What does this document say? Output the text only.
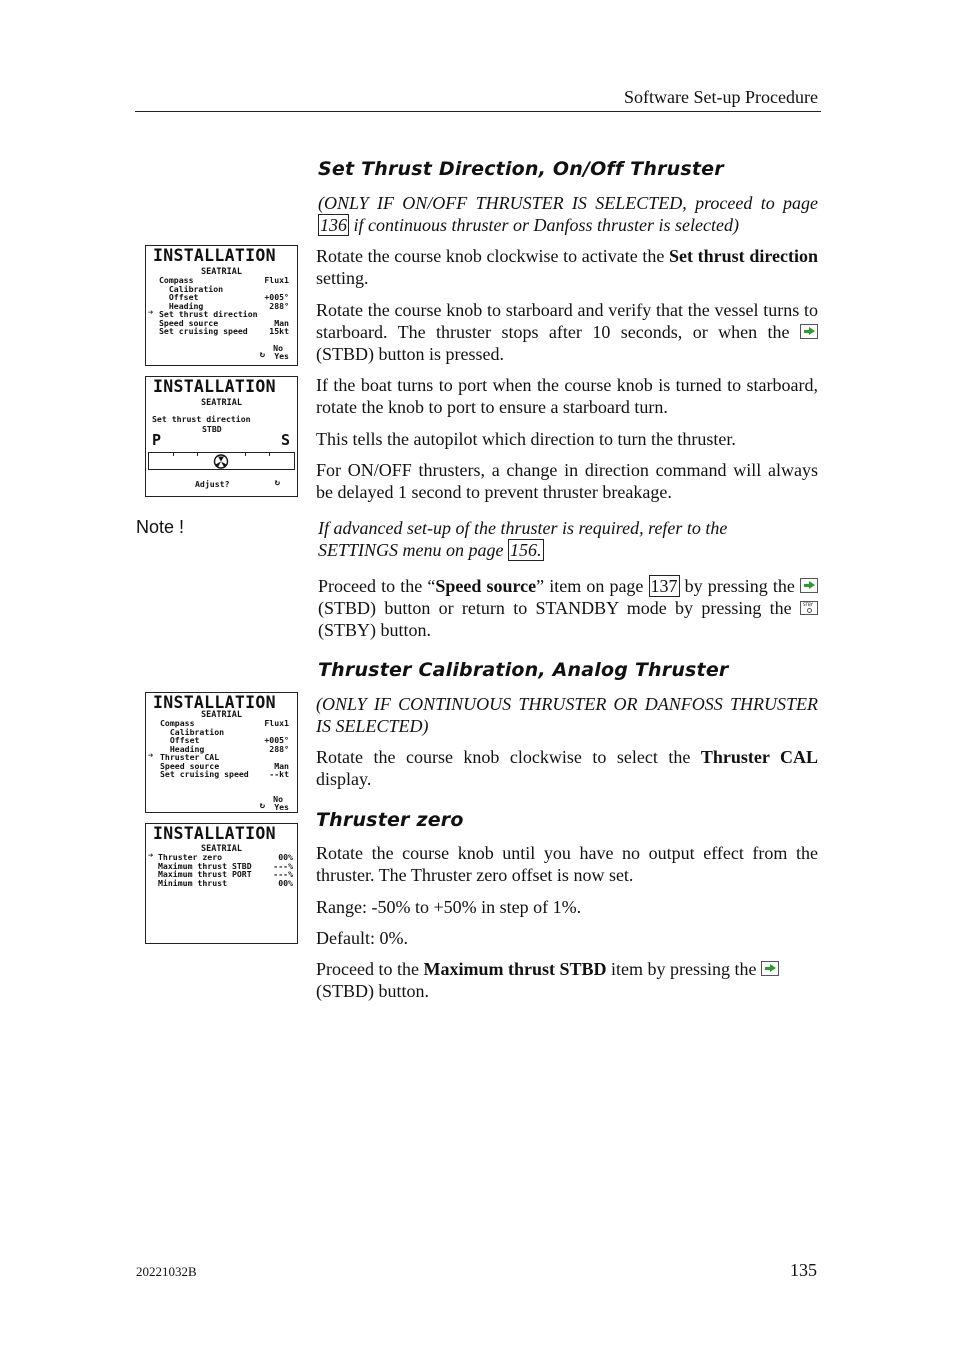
Software Set-up Procedure
Set Thrust Direction, On/Off Thruster
(ONLY IF ON/OFF THRUSTER IS SELECTED, proceed to page 136 if continuous thruster or Danfoss thruster is selected)
Rotate the course knob clockwise to activate the Set thrust direction setting.
Rotate the course knob to starboard and verify that the vessel turns to starboard. The thruster stops after 10 seconds, or when the  (STBD) button is pressed.
If the boat turns to port when the course knob is turned to starboard, rotate the knob to port to ensure a starboard turn.
This tells the autopilot which direction to turn the thruster.
For ON/OFF thrusters, a change in direction command will always be delayed 1 second to prevent thruster breakage.
Note !	If advanced set-up of the thruster is required, refer to the SETTINGS menu on page 156.
Proceed to the “Speed source” item on page 137 by pressing the  (STBD) button or return to STANDBY mode by pressing the STBY
(STBY) button.
Thruster Calibration, Analog Thruster
(ONLY IF CONTINUOUS THRUSTER OR DANFOSS THRUSTER IS SELECTED)
Rotate the course knob clockwise to select the Thruster CAL display.
Thruster zero
Rotate the course knob until you have no output effect from the thruster. The Thruster zero offset is now set.
Range: -50% to +50% in step of 1%.
Default: 0%.
Proceed to the Maximum thrust STBD item by pressing the
(STBD) button.
INSTALLATION
SEATRIAL
Compass	Flux1
Calibration
Offset	+005°
Heading	288°
➔ Set thrust direction
Speed source	Man
Set cruising speed	15kt
No
Yes
↻
INSTALLATION
SEATRIAL
Set thrust direction
STBD
P	S
Adjust?	↻
INSTALLATION
SEATRIAL
Compass	Flux1
Calibration
Offset	+005°
Heading	288°
➔ Thruster CAL
Speed source	Man
Set cruising speed	--kt
No
Yes
↻
INSTALLATION
SEATRIAL
➔ Thruster zero	00%
Maximum thrust STBD	---%
Maximum thrust PORT	---%
Minimum thrust	00%
20221032B	135
